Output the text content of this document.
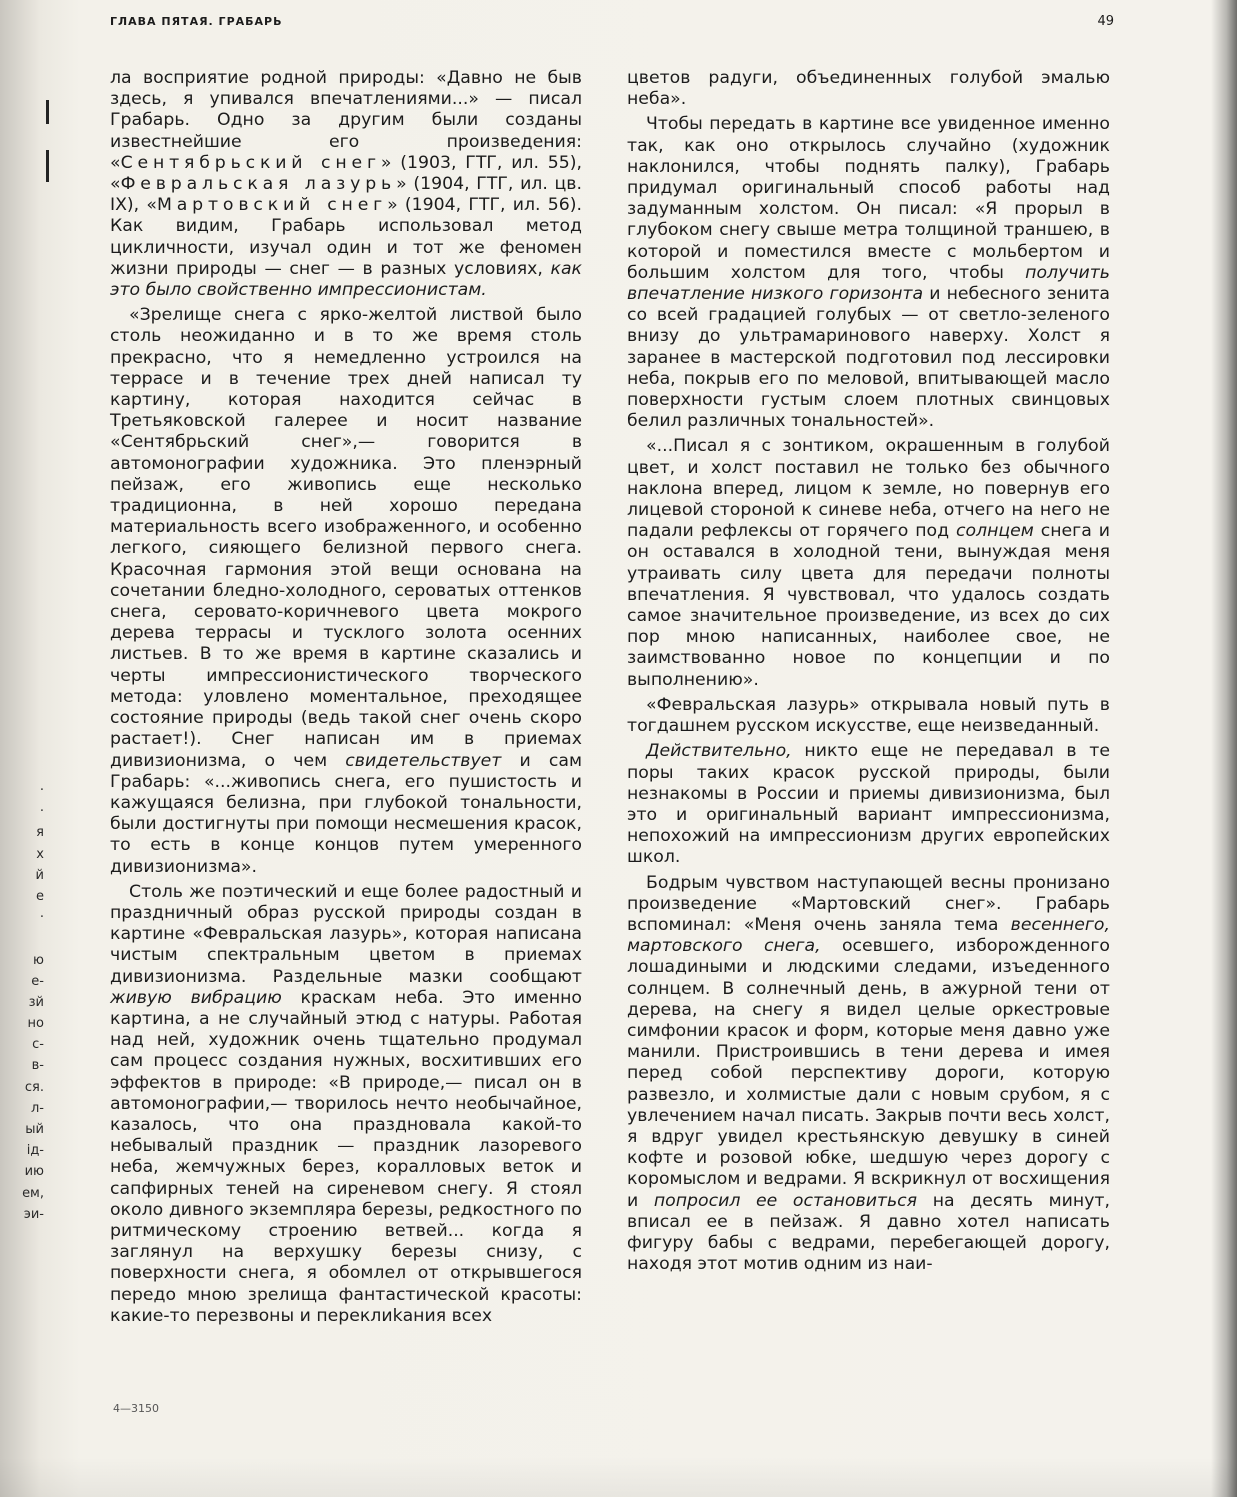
ГЛАВА ПЯТАЯ. ГРАБАРЬ	49
·
·
я
х
й
е
·
ю
е-
зй
но
с-
в-
ся.
л-
ый
ід-
ию
ем,
эи-

ла восприятие родной природы: «Давно не быв здесь, я упивался впечатлениями...» — писал Грабарь. Одно за другим были созданы известнейшие его произведения: «Сентябрьский снег» (1903, ГТГ, ил. 55), «Февральская лазурь» (1904, ГТГ, ил. цв. IX), «Мартовский снег» (1904, ГТГ, ил. 56). Как видим, Грабарь использовал метод цикличности, изучал один и тот же феномен жизни природы — снег — в разных условиях, как это было свойственно импрессионистам.

«Зрелище снега с ярко-желтой листвой было столь неожиданно и в то же время столь прекрасно, что я немедленно устроился на террасе и в течение трех дней написал ту картину, которая находится сейчас в Третьяковской галерее и носит название «Сентябрьский снег»,— говорится в автомонографии художника. Это пленэрный пейзаж, его живопись еще несколько традиционна, в ней хорошо передана материальность всего изображенного, и особенно легкого, сияющего белизной первого снега. Красочная гармония этой вещи основана на сочетании бледно-холодного, сероватых оттенков снега, серовато-коричневого цвета мокрого дерева террасы и тусклого золота осенних листьев. В то же время в картине сказались и черты импрессионистического творческого метода: уловлено моментальное, преходящее состояние природы (ведь такой снег очень скоро растает!). Снег написан им в приемах дивизионизма, о чем свидетельствует и сам Грабарь: «...живопись снега, его пушистость и кажущаяся белизна, при глубокой тональности, были достигнуты при помощи несмешения красок, то есть в конце концов путем умеренного дивизионизма».

Столь же поэтический и еще более радостный и праздничный образ русской природы создан в картине «Февральская лазурь», которая написана чистым спектральным цветом в приемах дивизионизма. Раздельные мазки сообщают живую вибрацию краскам неба. Это именно картина, а не случайный этюд с натуры. Работая над ней, художник очень тщательно продумал сам процесс создания нужных, восхитивших его эффектов в природе: «В природе,— писал он в автомонографии,— творилось нечто необычайное, казалось, что она праздновала какой-то небывалый праздник — праздник лазоревого неба, жемчужных берез, коралловых веток и сапфирных теней на сиреневом снегу. Я стоял около дивного экземпляра березы, редкостного по ритмическому строению ветвей... когда я заглянул на верхушку березы снизу, с поверхности снега, я обомлел от открывшегося передо мною зрелища фантастической красоты: какие-то перезвоны и переклиkания всех

цветов радуги, объединенных голубой эмалью неба».

Чтобы передать в картине все увиденное именно так, как оно открылось случайно (художник наклонился, чтобы поднять палку), Грабарь придумал оригинальный способ работы над задуманным холстом. Он писал: «Я прорыл в глубоком снегу свыше метра толщиной траншею, в которой и поместился вместе с мольбертом и большим холстом для того, чтобы получить впечатление низкого горизонта и небесного зенита со всей градацией голубых — от светло-зеленого внизу до ультрамаринового наверху. Холст я заранее в мастерской подготовил под лессировки неба, покрыв его по меловой, впитывающей масло поверхности густым слоем плотных свинцовых белил различных тональностей».

«...Писал я с зонтиком, окрашенным в голубой цвет, и холст поставил не только без обычного наклона вперед, лицом к земле, но повернув его лицевой стороной к синеве неба, отчего на него не падали рефлексы от горячего под солнцем снега и он оставался в холодной тени, вынуждая меня утраивать силу цвета для передачи полноты впечатления. Я чувствовал, что удалось создать самое значительное произведение, из всех до сих пор мною написанных, наиболее свое, не заимствованно новое по концепции и по выполнению».

«Февральская лазурь» открывала новый путь в тогдашнем русском искусстве, еще неизведанный.

Действительно, никто еще не передавал в те поры таких красок русской природы, были незнакомы в России и приемы дивизионизма, был это и оригинальный вариант импрессионизма, непохожий на импрессионизм других европейских школ.

Бодрым чувством наступающей весны пронизано произведение «Мартовский снег». Грабарь вспоминал: «Меня очень заняла тема весеннего, мартовского снега, осевшего, изборожденного лошадиными и людскими следами, изъеденного солнцем. В солнечный день, в ажурной тени от дерева, на снегу я видел целые оркестровые симфонии красок и форм, которые меня давно уже манили. Пристроившись в тени дерева и имея перед собой перспективу дороги, которую развезло, и холмистые дали с новым срубом, я с увлечением начал писать. Закрыв почти весь холст, я вдруг увидел крестьянскую девушку в синей кофте и розовой юбке, шедшую через дорогу с коромыслом и ведрами. Я вскрикнул от восхищения и попросил ее остановиться на десять минут, вписал ее в пейзаж. Я давно хотел написать фигуру бабы с ведрами, перебегающей дорогу, находя этот мотив одним из наи-

4—3150
